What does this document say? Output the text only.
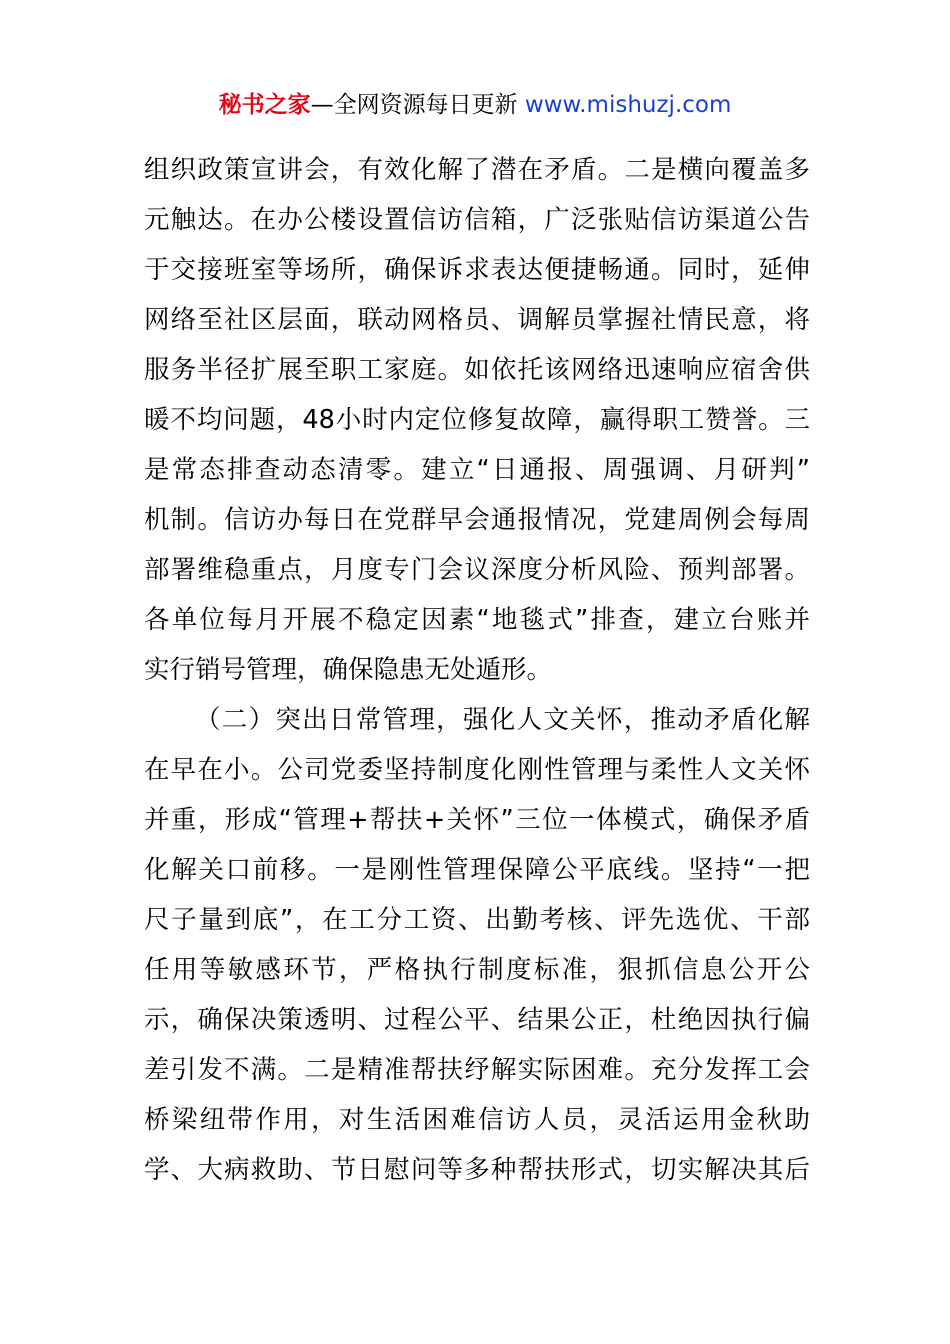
秘书之家—全网资源每日更新 www.mishuzj.com
组织政策宣讲会，有效化解了潜在矛盾。二是横向覆盖多
元触达。在办公楼设置信访信箱，广泛张贴信访渠道公告
于交接班室等场所，确保诉求表达便捷畅通。同时，延伸
网络至社区层面，联动网格员、调解员掌握社情民意，将
服务半径扩展至职工家庭。如依托该网络迅速响应宿舍供
暖不均问题，48小时内定位修复故障，赢得职工赞誉。三
是常态排查动态清零。建立“日通报、周强调、月研判”
机制。信访办每日在党群早会通报情况，党建周例会每周
部署维稳重点，月度专门会议深度分析风险、预判部署。
各单位每月开展不稳定因素“地毯式”排查，建立台账并
实行销号管理，确保隐患无处遁形。
（二）突出日常管理，强化人文关怀，推动矛盾化解
在早在小。公司党委坚持制度化刚性管理与柔性人文关怀
并重，形成“管理+帮扶+关怀”三位一体模式，确保矛盾
化解关口前移。一是刚性管理保障公平底线。坚持“一把
尺子量到底”，在工分工资、出勤考核、评先选优、干部
任用等敏感环节，严格执行制度标准，狠抓信息公开公
示，确保决策透明、过程公平、结果公正，杜绝因执行偏
差引发不满。二是精准帮扶纾解实际困难。充分发挥工会
桥梁纽带作用，对生活困难信访人员，灵活运用金秋助
学、大病救助、节日慰问等多种帮扶形式，切实解决其后
